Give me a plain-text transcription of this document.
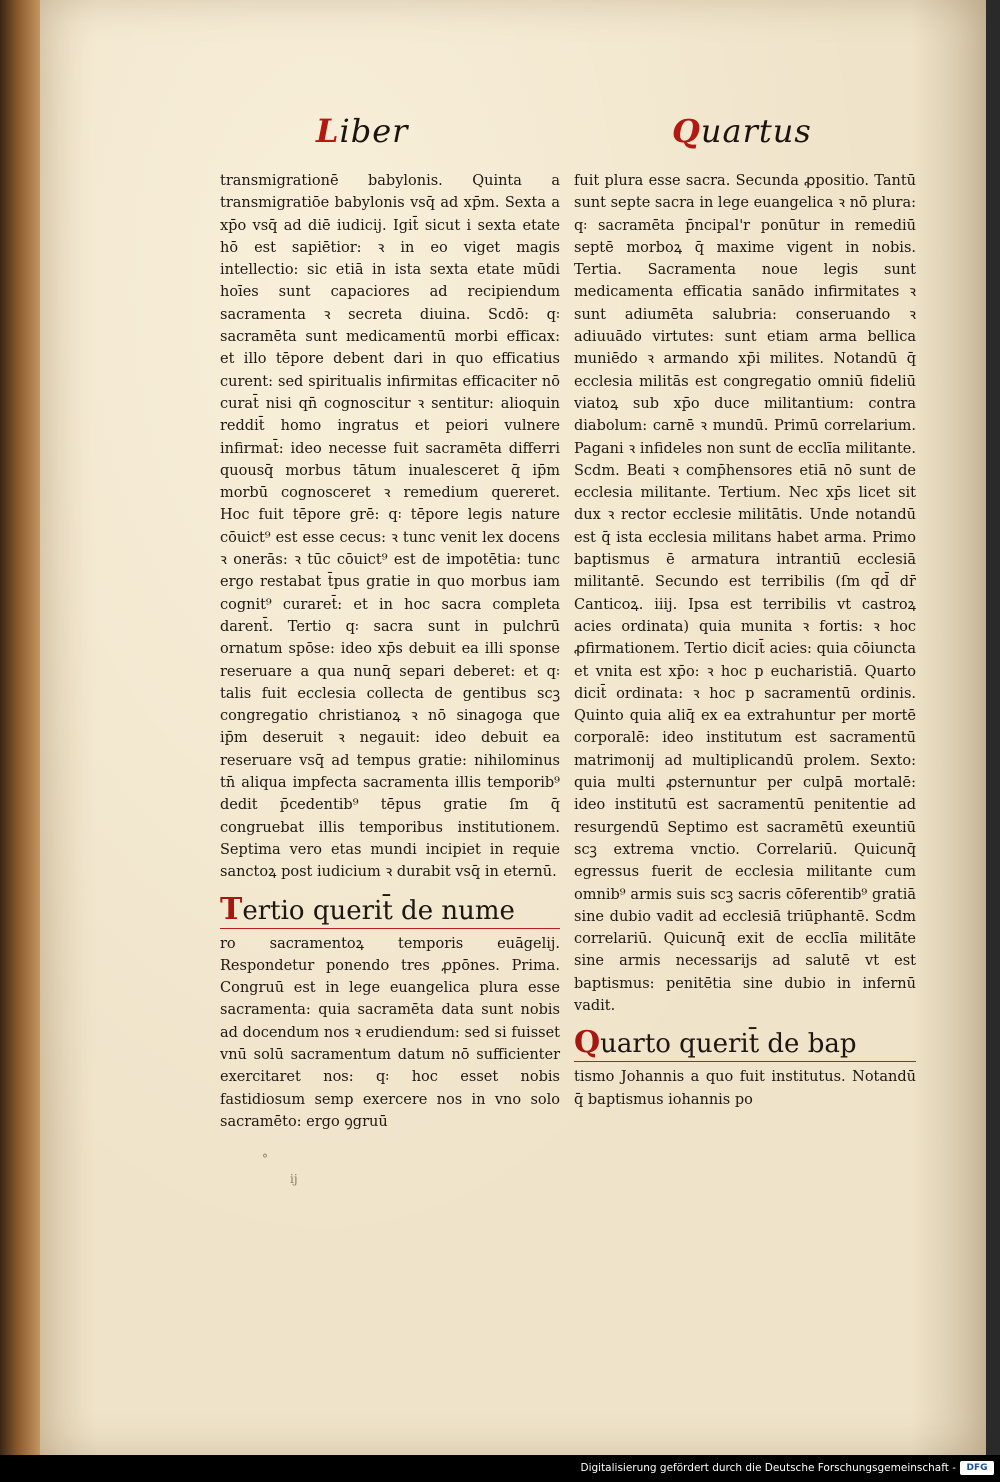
Liber	Quartus

transmigrationē babylonis. Quinta a transmigratiōe babylonis vsq̄ ad xp̄m. Sexta a xp̄o vsq̄ ad diē iudicij. Igit̄ sicut i sexta etate hō est sapiētior: ꝛ in eo viget magis intellectio: sic etiā in ista sexta etate mūdi hoīes sunt capaciores ad recipiendum sacramenta ꝛ secreta diuina. Scdō: q꞉ sacramēta sunt medicamentū morbi efficax: et illo tēpore debent dari in quo efficatius curent: sed spiritualis infirmitas efficaciter nō curat̄ nisi qn̄ cognoscitur ꝛ sentitur: alioquin reddit̄ homo ingratus et peiori vulnere infirmat̄: ideo necesse fuit sacramēta differri quousq̄ morbus tātum inualesceret q̄ ip̄m morbū cognosceret ꝛ remedium quereret. Hoc fuit tēpore grē: q꞉ tēpore legis nature cōuict⁹ est esse cecus: ꝛ tunc venit lex docens ꝛ onerās: ꝛ tūc cōuict⁹ est de impotētia: tunc ergo restabat t̄pus gratie in quo morbus iam cognit⁹ curaret̄: et in hoc sacra completa darent̄. Tertio q꞉ sacra sunt in pulchrū ornatum spōse: ideo xp̄s debuit ea illi sponse reseruare a qua nunq̄ separi deberet: et q꞉ talis fuit ecclesia collecta de gentibus scꝫ congregatio christianoꝝ ꝛ nō sinagoga que ip̄m deseruit ꝛ negauit: ideo debuit ea reseruare vsq̄ ad tempus gratie: nihilominus tn̄ aliqua impfecta sacramenta illis temporib⁹ dedit p̄cedentib⁹ tēpus gratie ſm q̄ congruebat illis temporibus institutionem. Septima vero etas mundi incipiet in requie sanctoꝝ post iudicium ꝛ durabit vsq̄ in eternū.

Tertio querit̄ de nume

ro sacramentoꝝ temporis euāgelij. Respondetur ponendo tres ꝓpōnes. Prima. Congruū est in lege euangelica plura esse sacramenta: quia sacramēta data sunt nobis ad docendum nos ꝛ erudiendum: sed si fuisset vnū solū sacramentum datum nō sufficienter exercitaret nos: q꞉ hoc esset nobis fastidiosum semp exercere nos in vno solo sacramēto: ergo ꝯgruū

fuit plura esse sacra. Secunda ꝓpositio. Tantū sunt septe sacra in lege euangelica ꝛ nō plura: q꞉ sacramēta p̄ncipal'r ponūtur in remediū septē morboꝝ q̄ maxime vigent in nobis. Tertia. Sacramenta noue legis sunt medicamenta efficatia sanādo infirmitates ꝛ sunt adiumēta salubria: conseruando ꝛ adiuuādo virtutes: sunt etiam arma bellica muniēdo ꝛ armando xp̄i milites. Notandū q̄ ecclesia militās est congregatio omniū fideliū viatoꝝ sub xp̄o duce militantium: contra diabolum: carnē ꝛ mundū. Primū correlarium. Pagani ꝛ infideles non sunt de ecclīa militante. Scdm. Beati ꝛ comp̄hensores etiā nō sunt de ecclesia militante. Tertium. Nec xp̄s licet sit dux ꝛ rector ecclesie militātis. Unde notandū est q̄ ista ecclesia militans habet arma. Primo baptismus ē armatura intrantiū ecclesiā militantē. Secundo est terribilis (ſm qd̄ dr̄ Canticoꝝ. iiij. Ipsa est terribilis vt castroꝝ acies ordinata) quia munita ꝛ fortis: ꝛ hoc ꝓfirmationem. Tertio dicit̄ acies: quia cōiuncta et vnita est xp̄o: ꝛ hoc p eucharistiā. Quarto dicit̄ ordinata: ꝛ hoc p sacramentū ordinis. Quinto quia aliq̄ ex ea extrahuntur per mortē corporalē: ideo institutum est sacramentū matrimonij ad multiplicandū prolem. Sexto: quia multi ꝓsternuntur per culpā mortalē: ideo institutū est sacramentū penitentie ad resurgendū Septimo est sacramētū exeuntiū scꝫ extrema vnctio. Correlariū. Quicunq̄ egressus fuerit de ecclesia militante cum omnib⁹ armis suis scꝫ sacris cōferentib⁹ gratiā sine dubio vadit ad ecclesiā triūphantē. Scdm correlariū. Quicunq̄ exit de ecclīa militāte sine armis necessarijs ad salutē vt est baptismus: penitētia sine dubio in infernū vadit.

Quarto querit̄ de bap

tismo Johannis a quo fuit institutus. Notandū q̄ baptismus iohannis po

°
ij
Digitalisierung gefördert durch die Deutsche Forschungsgemeinschaft -	DFG
